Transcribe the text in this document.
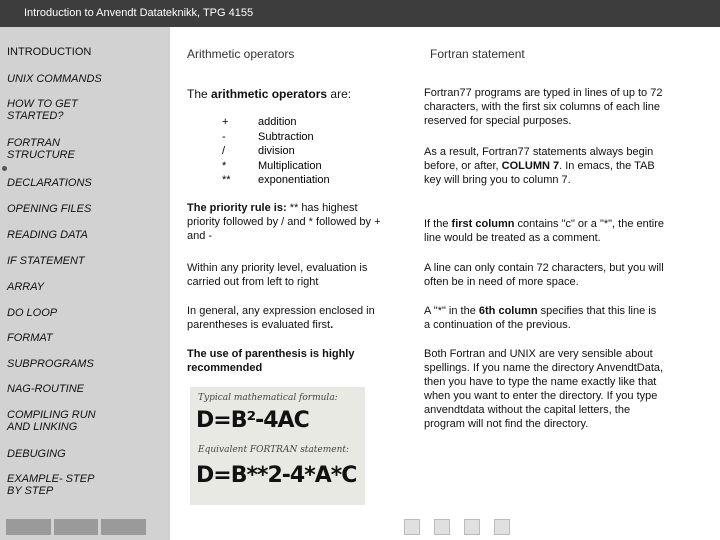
Introduction to Anvendt Datateknikk, TPG 4155
INTRODUCTION
UNIX COMMANDS
HOW TO GET STARTED?
FORTRAN STRUCTURE
DECLARATIONS
OPENING FILES
READING DATA
IF STATEMENT
ARRAY
DO LOOP
FORMAT
SUBPROGRAMS
NAG-ROUTINE
COMPILING RUN AND LINKING
DEBUGING
EXAMPLE- STEP BY STEP
Arithmetic operators
The arithmetic operators are:
+	addition
-	Subtraction
/	division
*	Multiplication
**	exponentiation
The priority rule is: ** has highest priority followed by / and * followed by + and -
Within any priority level, evaluation is carried out from left to right
In general, any expression enclosed in parentheses is evaluated first.
The use of parenthesis is highly recommended
Typical mathematical formula:
D=B²-4AC
Equivalent FORTRAN statement:
D=B**2-4*A*C
Fortran statement
Fortran77 programs are typed in lines of up to 72 characters, with the first six columns of each line reserved for special purposes.
As a result, Fortran77 statements always begin before, or after, COLUMN 7. In emacs, the TAB key will bring you to column 7.
If the first column contains "c" or a "*", the entire line would be treated as a comment.
A line can only contain 72 characters, but you will often be in need of more space.
A "*" in the 6th column specifies that this line is a continuation of the previous.
Both Fortran and UNIX are very sensible about spellings. If you name the directory AnvendtData, then you have to type the name exactly like that when you want to enter the directory. If you type anvendtdata without the capital letters, the program will not find the directory.
